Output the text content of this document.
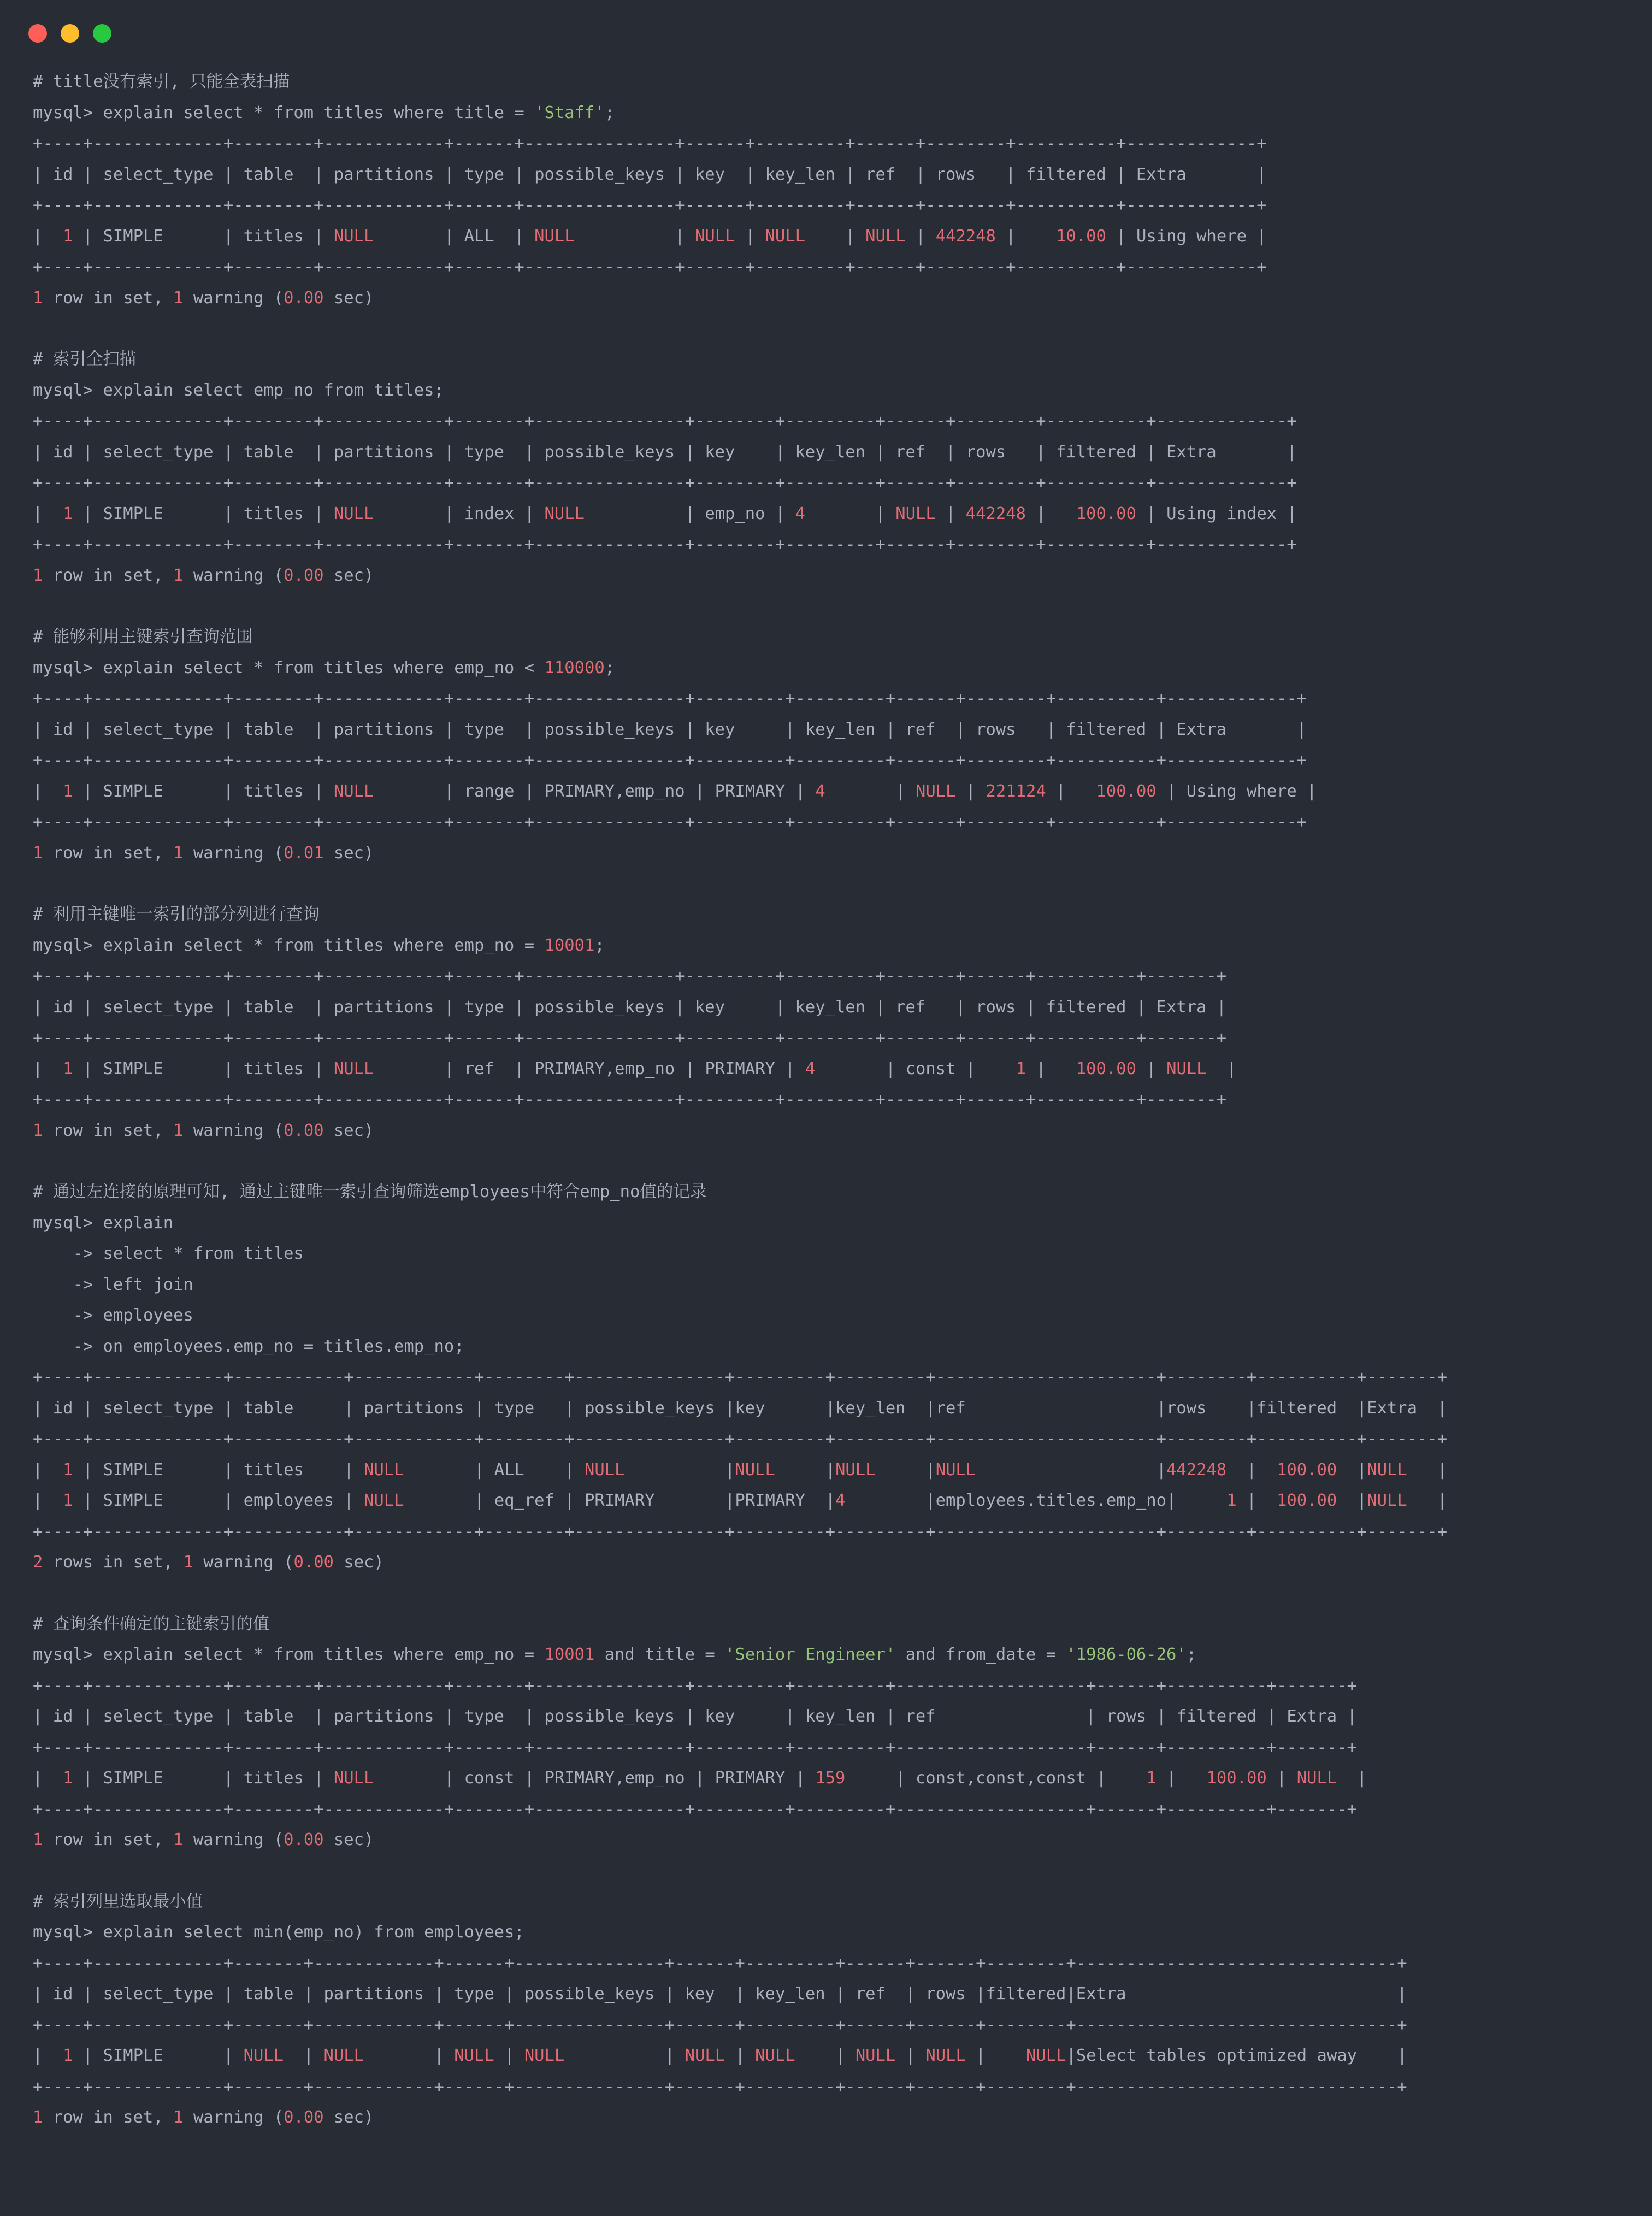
# title没有索引, 只能全表扫描
mysql> explain select * from titles where title = 'Staff';
+----+-------------+--------+------------+------+---------------+------+---------+------+--------+----------+-------------+
| id | select_type | table  | partitions | type | possible_keys | key  | key_len | ref  | rows   | filtered | Extra       |
+----+-------------+--------+------------+------+---------------+------+---------+------+--------+----------+-------------+
|  1 | SIMPLE      | titles | NULL       | ALL  | NULL          | NULL | NULL    | NULL | 442248 |    10.00 | Using where |
+----+-------------+--------+------------+------+---------------+------+---------+------+--------+----------+-------------+
1 row in set, 1 warning (0.00 sec)
# 索引全扫描
mysql> explain select emp_no from titles;
+----+-------------+--------+------------+-------+---------------+--------+---------+------+--------+----------+-------------+
| id | select_type | table  | partitions | type  | possible_keys | key    | key_len | ref  | rows   | filtered | Extra       |
+----+-------------+--------+------------+-------+---------------+--------+---------+------+--------+----------+-------------+
|  1 | SIMPLE      | titles | NULL       | index | NULL          | emp_no | 4       | NULL | 442248 |   100.00 | Using index |
+----+-------------+--------+------------+-------+---------------+--------+---------+------+--------+----------+-------------+
1 row in set, 1 warning (0.00 sec)
# 能够利用主键索引查询范围
mysql> explain select * from titles where emp_no < 110000;
+----+-------------+--------+------------+-------+---------------+---------+---------+------+--------+----------+-------------+
| id | select_type | table  | partitions | type  | possible_keys | key     | key_len | ref  | rows   | filtered | Extra       |
+----+-------------+--------+------------+-------+---------------+---------+---------+------+--------+----------+-------------+
|  1 | SIMPLE      | titles | NULL       | range | PRIMARY,emp_no | PRIMARY | 4       | NULL | 221124 |   100.00 | Using where |
+----+-------------+--------+------------+-------+---------------+---------+---------+------+--------+----------+-------------+
1 row in set, 1 warning (0.01 sec)
# 利用主键唯一索引的部分列进行查询
mysql> explain select * from titles where emp_no = 10001;
+----+-------------+--------+------------+------+---------------+---------+---------+-------+------+----------+-------+
| id | select_type | table  | partitions | type | possible_keys | key     | key_len | ref   | rows | filtered | Extra |
+----+-------------+--------+------------+------+---------------+---------+---------+-------+------+----------+-------+
|  1 | SIMPLE      | titles | NULL       | ref  | PRIMARY,emp_no | PRIMARY | 4       | const |    1 |   100.00 | NULL  |
+----+-------------+--------+------------+------+---------------+---------+---------+-------+------+----------+-------+
1 row in set, 1 warning (0.00 sec)
# 通过左连接的原理可知, 通过主键唯一索引查询筛选employees中符合emp_no值的记录
mysql> explain
-> select * from titles
-> left join
-> employees
-> on employees.emp_no = titles.emp_no;
+----+-------------+-----------+------------+--------+---------------+---------+---------+----------------------+--------+----------+-------+
| id | select_type | table     | partitions | type   | possible_keys |key      |key_len  |ref                   |rows    |filtered  |Extra  |
+----+-------------+-----------+------------+--------+---------------+---------+---------+----------------------+--------+----------+-------+
|  1 | SIMPLE      | titles    | NULL       | ALL    | NULL          |NULL     |NULL     |NULL                  |442248  |  100.00  |NULL   |
|  1 | SIMPLE      | employees | NULL       | eq_ref | PRIMARY       |PRIMARY  |4        |employees.titles.emp_no|     1 |  100.00  |NULL   |
+----+-------------+-----------+------------+--------+---------------+---------+---------+----------------------+--------+----------+-------+
2 rows in set, 1 warning (0.00 sec)
# 查询条件确定的主键索引的值
mysql> explain select * from titles where emp_no = 10001 and title = 'Senior Engineer' and from_date = '1986-06-26';
+----+-------------+--------+------------+-------+---------------+---------+---------+-------------------+------+----------+-------+
| id | select_type | table  | partitions | type  | possible_keys | key     | key_len | ref               | rows | filtered | Extra |
+----+-------------+--------+------------+-------+---------------+---------+---------+-------------------+------+----------+-------+
|  1 | SIMPLE      | titles | NULL       | const | PRIMARY,emp_no | PRIMARY | 159     | const,const,const |    1 |   100.00 | NULL  |
+----+-------------+--------+------------+-------+---------------+---------+---------+-------------------+------+----------+-------+
1 row in set, 1 warning (0.00 sec)
# 索引列里选取最小值
mysql> explain select min(emp_no) from employees;
+----+-------------+-------+------------+------+---------------+------+---------+------+------+--------+--------------------------------+
| id | select_type | table | partitions | type | possible_keys | key  | key_len | ref  | rows |filtered|Extra                           |
+----+-------------+-------+------------+------+---------------+------+---------+------+------+--------+--------------------------------+
|  1 | SIMPLE      | NULL  | NULL       | NULL | NULL          | NULL | NULL    | NULL | NULL |    NULL|Select tables optimized away    |
+----+-------------+-------+------------+------+---------------+------+---------+------+------+--------+--------------------------------+
1 row in set, 1 warning (0.00 sec)
